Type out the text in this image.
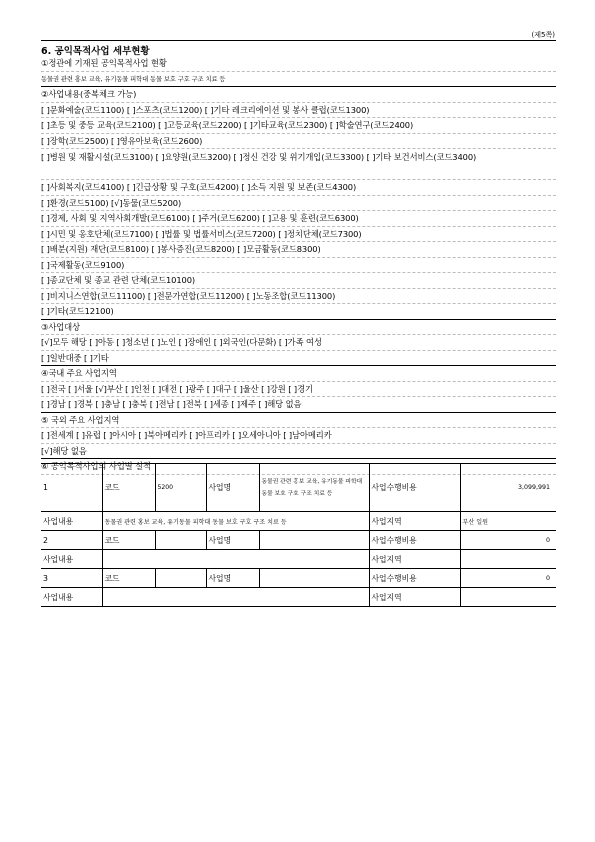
(제5쪽)
6. 공익목적사업 세부현황
①정관에 기재된 공익목적사업 현황
동물권 관련 홍보 교육, 유기동물 피학대 동물 보호 구호 구조 치료 등
②사업내용(중복체크 가능)
[ ]문화예술(코드1100) [ ]스포츠(코드1200) [ ]기타 레크리에이션 및 봉사 클럽(코드1300)
[ ]초등 및 중등 교육(코드2100) [ ]고등교육(코드2200) [ ]기타교육(코드2300) [ ]학술연구(코드2400)
[ ]장학(코드2500) [ ]영유아보육(코드2600)
[ ]병원 및 재활시설(코드3100) [ ]요양원(코드3200) [ ]정신 건강 및 위기개입(코드3300) [ ]기타 보건서비스(코드3400)
[ ]사회복지(코드4100) [ ]긴급상황 및 구호(코드4200) [ ]소득 지원 및 보존(코드4300)
[ ]환경(코드5100) [√]동물(코드5200)
[ ]경제, 사회 및 지역사회개발(코드6100) [ ]주거(코드6200) [ ]고용 및 훈련(코드6300)
[ ]시민 및 옹호단체(코드7100) [ ]법률 및 법률서비스(코드7200) [ ]정치단체(코드7300)
[ ]배분(지원) 재단(코드8100) [ ]봉사증진(코드8200) [ ]모금활동(코드8300)
[ ]국제활동(코드9100)
[ ]종교단체 및 종교 관련 단체(코드10100)
[ ]비지니스연합(코드11100) [ ]전문가연합(코드11200) [ ]노동조합(코드11300)
[ ]기타(코드12100)
③사업대상
[√]모두 해당 [ ]아동 [ ]청소년 [ ]노인 [ ]장애인 [ ]외국인(다문화) [ ]가족 여성
[ ]일반대중 [ ]기타
④국내 주요 사업지역
[ ]전국 [ ]서울 [√]부산 [ ]인천 [ ]대전 [ ]광주 [ ]대구 [ ]울산 [ ]강원 [ ]경기
[ ]경남 [ ]경북 [ ]충남 [ ]충북 [ ]전남 [ ]전북 [ ]세종 [ ]제주 [ ]해당 없음
⑤ 국외 주요 사업지역
[ ]전세계 [ ]유럽 [ ]아시아 [ ]북아메리카 [ ]아프리카 [ ]오세아니아 [ ]남아메리카
[√]해당 없음
⑥ 공익목적사업의 사업별 실적
1	코드	5200	사업명	동물권 관련 홍보 교육, 유기동물 피학대 동물 보호 구호 구조 치료 등	사업수행비용	3,099,991
사업내용	동물권 관련 홍보 교육, 유기동물 피학대 동물 보호 구호 구조 치료 등				사업지역	부산 일원
2	코드		사업명		사업수행비용	0
사업내용					사업지역	
3	코드		사업명		사업수행비용	0
사업내용					사업지역	
